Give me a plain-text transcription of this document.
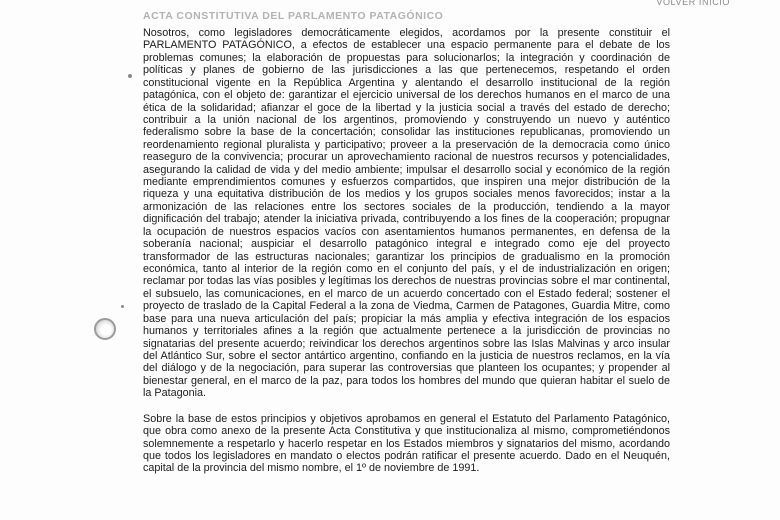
VOLVER INICIO
ACTA CONSTITUTIVA DEL PARLAMENTO PATAGÓNICO

Nosotros, como legisladores democráticamente elegidos, acordamos por la presente constituir el PARLAMENTO PATAGÓNICO, a efectos de establecer una espacio permanente para el debate de los problemas comunes; la elaboración de propuestas para solucionarlos; la integración y coordinación de políticas y planes de gobierno de las jurisdicciones a las que pertenecemos, respetando el orden constitucional vigente en la República Argentina y alentando el desarrollo institucional de la región patagónica, con el objeto de: garantizar el ejercicio universal de los derechos humanos en el marco de una ética de la solidaridad; afianzar el goce de la libertad y la justicia social a través del estado de derecho; contribuir a la unión nacional de los argentinos, promoviendo y construyendo un nuevo y auténtico federalismo sobre la base de la concertación; consolidar las instituciones republicanas, promoviendo un reordenamiento regional pluralista y participativo; proveer a la preservación de la democracia como único reaseguro de la convivencia; procurar un aprovechamiento racional de nuestros recursos y potencialidades, asegurando la calidad de vida y del medio ambiente; impulsar el desarrollo social y económico de la región mediante emprendimientos comunes y esfuerzos compartidos, que inspiren una mejor distribución de la riqueza y una equitativa distribución de los medios y los grupos sociales menos favorecidos; instar a la armonización de las relaciones entre los sectores sociales de la producción, tendiendo a la mayor dignificación del trabajo; atender la iniciativa privada, contribuyendo a los fines de la cooperación; propugnar la ocupación de nuestros espacios vacíos con asentamientos humanos permanentes, en defensa de la soberanía nacional; auspiciar el desarrollo patagónico integral e integrado como eje del proyecto transformador de las estructuras nacionales; garantizar los principios de gradualismo en la promoción económica, tanto al interior de la región como en el conjunto del país, y el de industrialización en origen; reclamar por todas las vías posibles y legítimas los derechos de nuestras provincias sobre el mar continental, el subsuelo, las comunicaciones, en el marco de un acuerdo concertado con el Estado federal; sostener el proyecto de traslado de la Capital Federal a la zona de Viedma, Carmen de Patagones, Guardia Mitre, como base para una nueva articulación del país; propiciar la más amplia y efectiva integración de los espacios humanos y territoriales afines a la región que actualmente pertenece a la jurisdicción de provincias no signatarias del presente acuerdo; reivindicar los derechos argentinos sobre las Islas Malvinas y arco insular del Atlántico Sur, sobre el sector antártico argentino, confiando en la justicia de nuestros reclamos, en la vía del diálogo y de la negociación, para superar las controversias que planteen los ocupantes; y propender al bienestar general, en el marco de la paz, para todos los hombres del mundo que quieran habitar el suelo de la Patagonia.

Sobre la base de estos principios y objetivos aprobamos en general el Estatuto del Parlamento Patagónico, que obra como anexo de la presente Acta Constitutiva y que institucionaliza al mismo, comprometiéndonos solemnemente a respetarlo y hacerlo respetar en los Estados miembros y signatarios del mismo, acordando que todos los legisladores en mandato o electos podrán ratificar el presente acuerdo. Dado en el Neuquén, capital de la provincia del mismo nombre, el 1º de noviembre de 1991.
